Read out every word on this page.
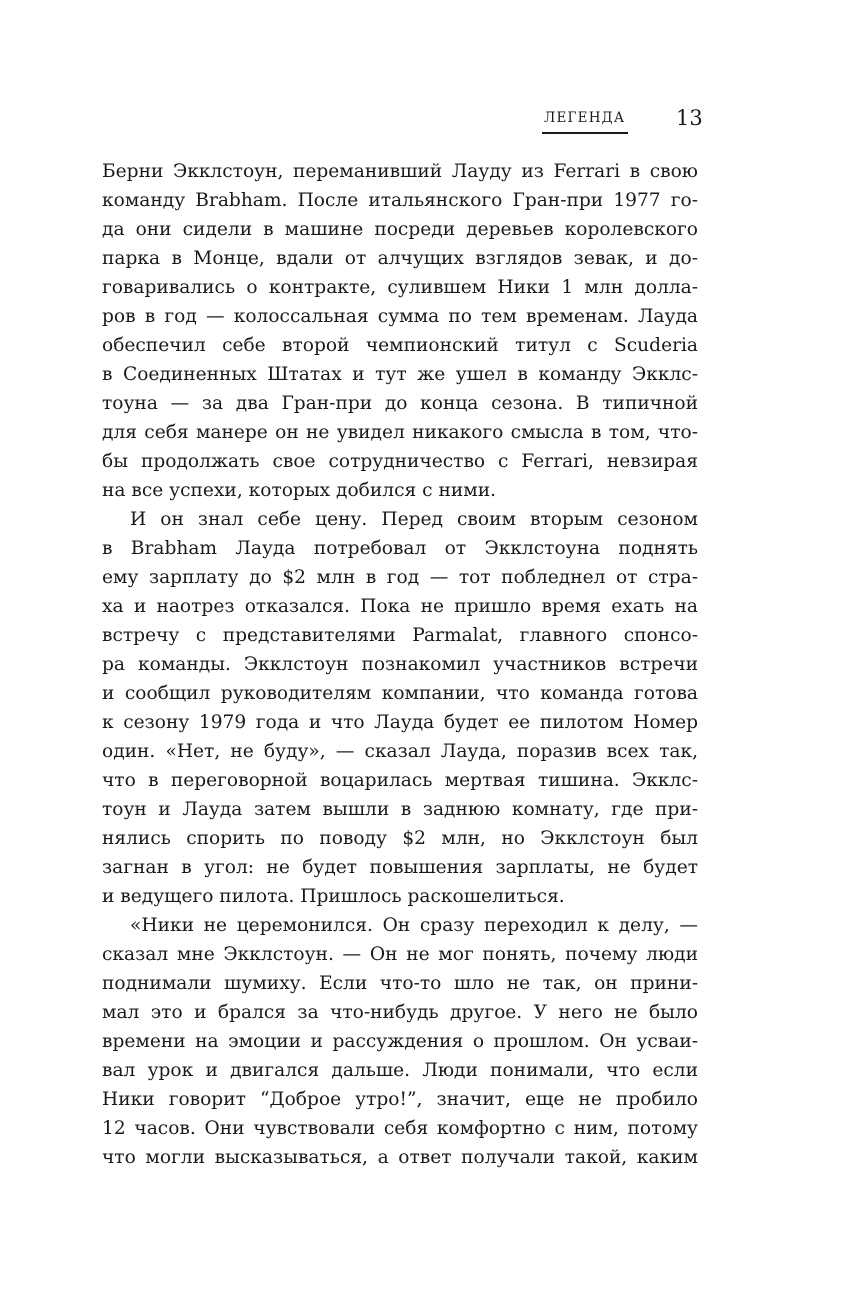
ЛЕГЕНДА 13
Берни Экклстоун, переманивший Лауду из Ferrari в свою
команду Brabham. После итальянского Гран-при 1977 го-
да они сидели в машине посреди деревьев королевского
парка в Монце, вдали от алчущих взглядов зевак, и до-
говаривались о контракте, сулившем Ники 1 млн долла-
ров в год — колоссальная сумма по тем временам. Лауда
обеспечил себе второй чемпионский титул с Scuderia
в Соединенных Штатах и тут же ушел в команду Экклс-
тоуна — за два Гран-при до конца сезона. В типичной
для себя манере он не увидел никакого смысла в том, что-
бы продолжать свое сотрудничество с Ferrari, невзирая
на все успехи, которых добился с ними.
И он знал себе цену. Перед своим вторым сезоном
в Brabham Лауда потребовал от Экклстоуна поднять
ему зарплату до $2 млн в год — тот побледнел от стра-
ха и наотрез отказался. Пока не пришло время ехать на
встречу с представителями Parmalat, главного спонсо-
ра команды. Экклстоун познакомил участников встречи
и сообщил руководителям компании, что команда готова
к сезону 1979 года и что Лауда будет ее пилотом Номер
один. «Нет, не буду», — сказал Лауда, поразив всех так,
что в переговорной воцарилась мертвая тишина. Экклс-
тоун и Лауда затем вышли в заднюю комнату, где при-
нялись спорить по поводу $2 млн, но Экклстоун был
загнан в угол: не будет повышения зарплаты, не будет
и ведущего пилота. Пришлось раскошелиться.
«Ники не церемонился. Он сразу переходил к делу, —
сказал мне Экклстоун. — Он не мог понять, почему люди
поднимали шумиху. Если что-то шло не так, он прини-
мал это и брался за что-нибудь другое. У него не было
времени на эмоции и рассуждения о прошлом. Он усваи-
вал урок и двигался дальше. Люди понимали, что если
Ники говорит “Доброе утро!”, значит, еще не пробило
12 часов. Они чувствовали себя комфортно с ним, потому
что могли высказываться, а ответ получали такой, каким
